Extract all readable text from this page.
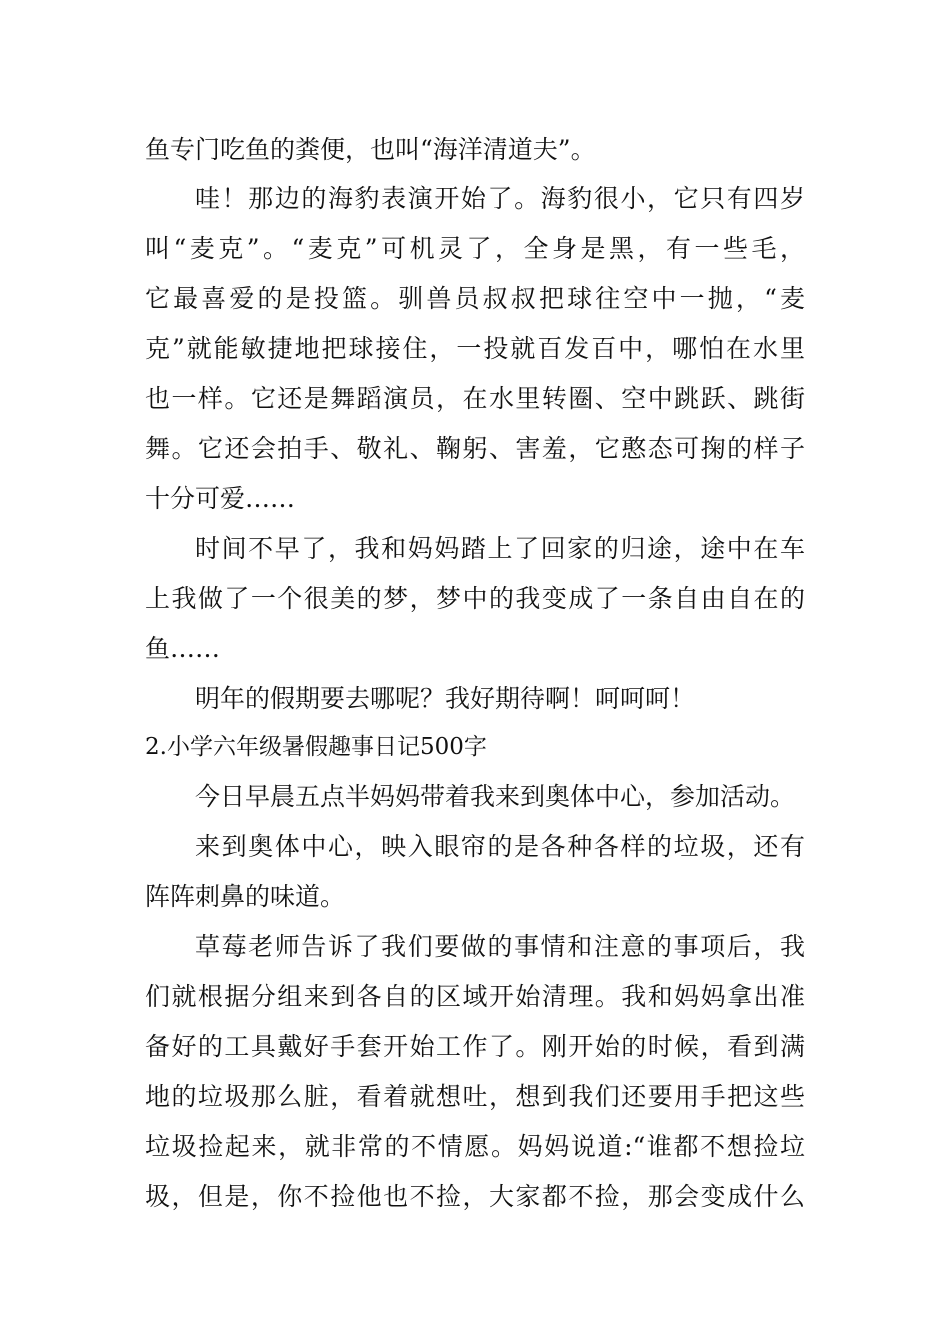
鱼专门吃鱼的粪便，也叫“海洋清道夫”。

哇！那边的海豹表演开始了。海豹很小，它只有四岁

叫“麦克”。“麦克”可机灵了，全身是黑，有一些毛，

它最喜爱的是投篮。驯兽员叔叔把球往空中一抛，“麦

克”就能敏捷地把球接住，一投就百发百中，哪怕在水里

也一样。它还是舞蹈演员，在水里转圈、空中跳跃、跳街

舞。它还会拍手、敬礼、鞠躬、害羞，它憨态可掬的样子

十分可爱……

时间不早了，我和妈妈踏上了回家的归途，途中在车

上我做了一个很美的梦，梦中的我变成了一条自由自在的

鱼……

明年的假期要去哪呢？我好期待啊！呵呵呵！

2.小学六年级暑假趣事日记500字

今日早晨五点半妈妈带着我来到奥体中心，参加活动。

来到奥体中心，映入眼帘的是各种各样的垃圾，还有

阵阵刺鼻的味道。

草莓老师告诉了我们要做的事情和注意的事项后，我

们就根据分组来到各自的区域开始清理。我和妈妈拿出准

备好的工具戴好手套开始工作了。刚开始的时候，看到满

地的垃圾那么脏，看着就想吐，想到我们还要用手把这些

垃圾捡起来，就非常的不情愿。妈妈说道:“谁都不想捡垃

圾，但是，你不捡他也不捡，大家都不捡，那会变成什么
